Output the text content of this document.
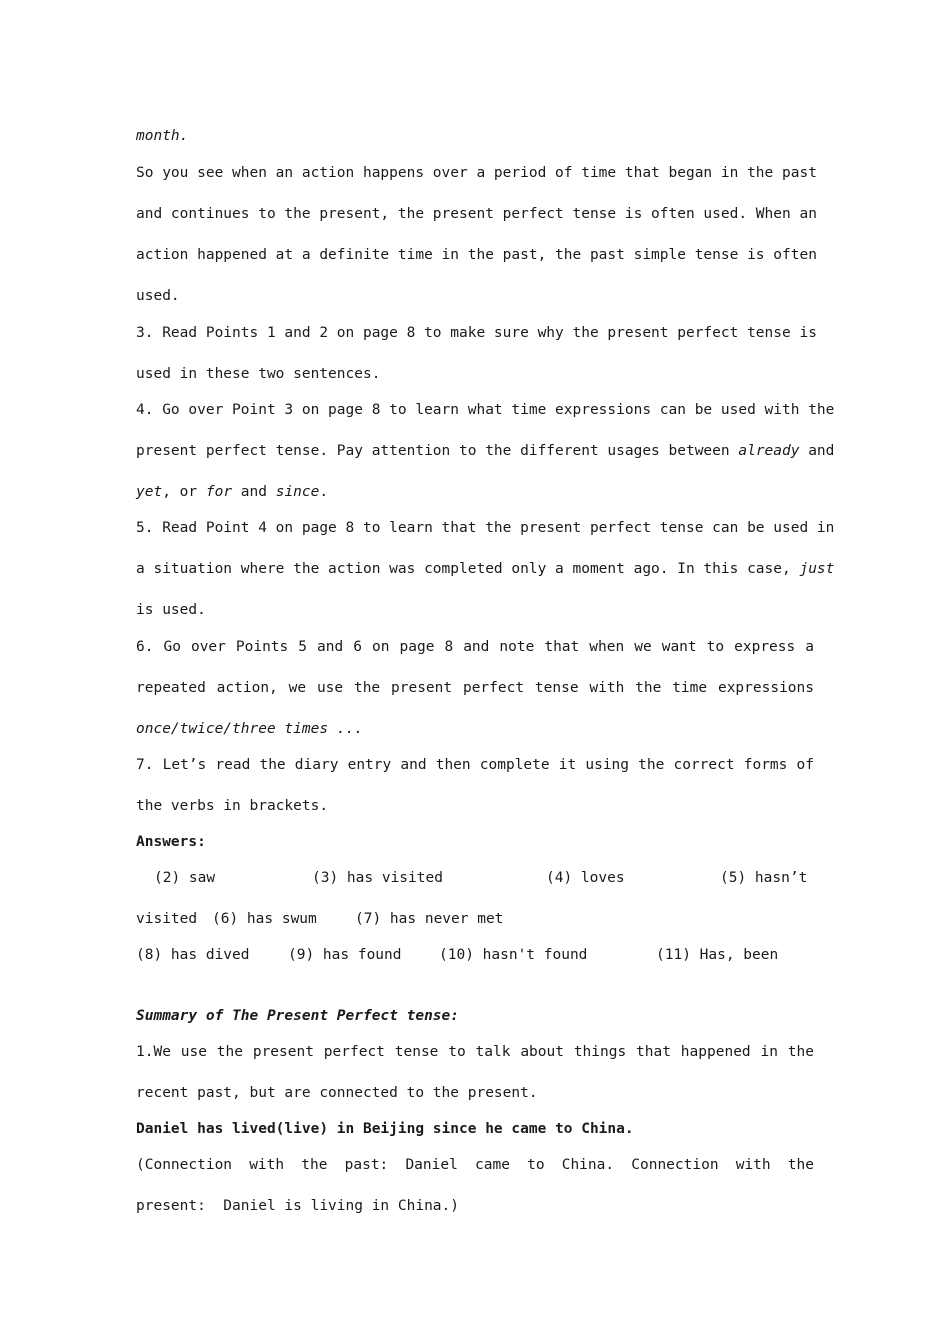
month.
So you see when an action happens over a period of time that began in the past
and continues to the present, the present perfect tense is often used. When an
action happened at a definite time in the past, the past simple tense is often
used.
3. Read Points 1 and 2 on page 8 to make sure why the present perfect tense is
used in these two sentences.
4. Go over Point 3 on page 8 to learn what time expressions can be used with the
present perfect tense. Pay attention to the different usages between already and
yet, or for and since.
5. Read Point 4 on page 8 to learn that the present perfect tense can be used in
a situation where the action was completed only a moment ago. In this case, just
is used.
6. Go over Points 5 and 6 on page 8 and note that when we want to express a
repeated action, we use the present perfect tense with the time expressions
once/twice/three times ...
7. Let’s read the diary entry and then complete it using the correct forms of
the verbs in brackets.
Answers:
(2) saw	(3) has visited	(4) loves	(5) hasn’t
visited (6) has swum	(7) has never met
(8) has dived	(9) has found	(10) hasn't found	(11) Has, been
Summary of The Present Perfect tense:
1.We use the present perfect tense to talk about things that happened in the
recent past, but are connected to the present.
Daniel has lived(live) in Beijing since he came to China.
(Connection with the past: Daniel came to China. Connection with the
present:  Daniel is living in China.)
